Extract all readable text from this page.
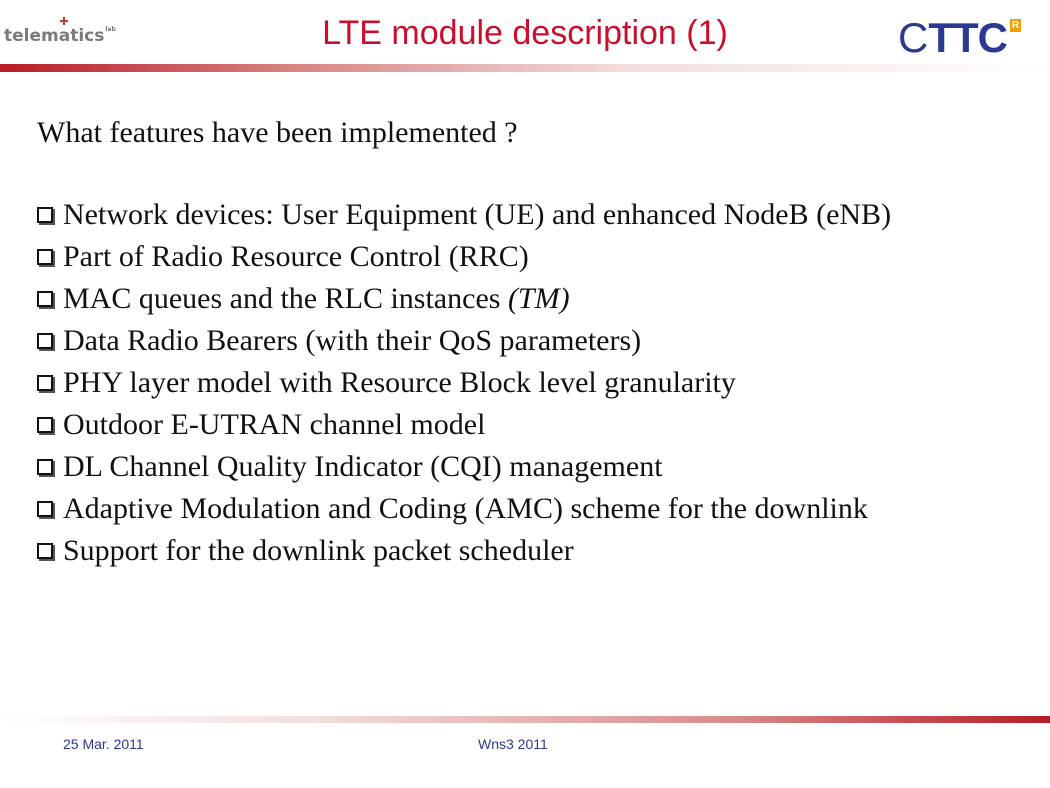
telematics$^{lab}$	LTE module description (1)	CTTC R

What features have been implemented ?

Network devices: User Equipment (UE) and enhanced NodeB (eNB)
Part of Radio Resource Control (RRC)
MAC queues and the RLC instances (TM)
Data Radio Bearers (with their QoS parameters)
PHY layer model with Resource Block level granularity
Outdoor E-UTRAN channel model
DL Channel Quality Indicator (CQI) management
Adaptive Modulation and Coding (AMC) scheme for the downlink
Support for the downlink packet scheduler
25 Mar. 2011	Wns3 2011
